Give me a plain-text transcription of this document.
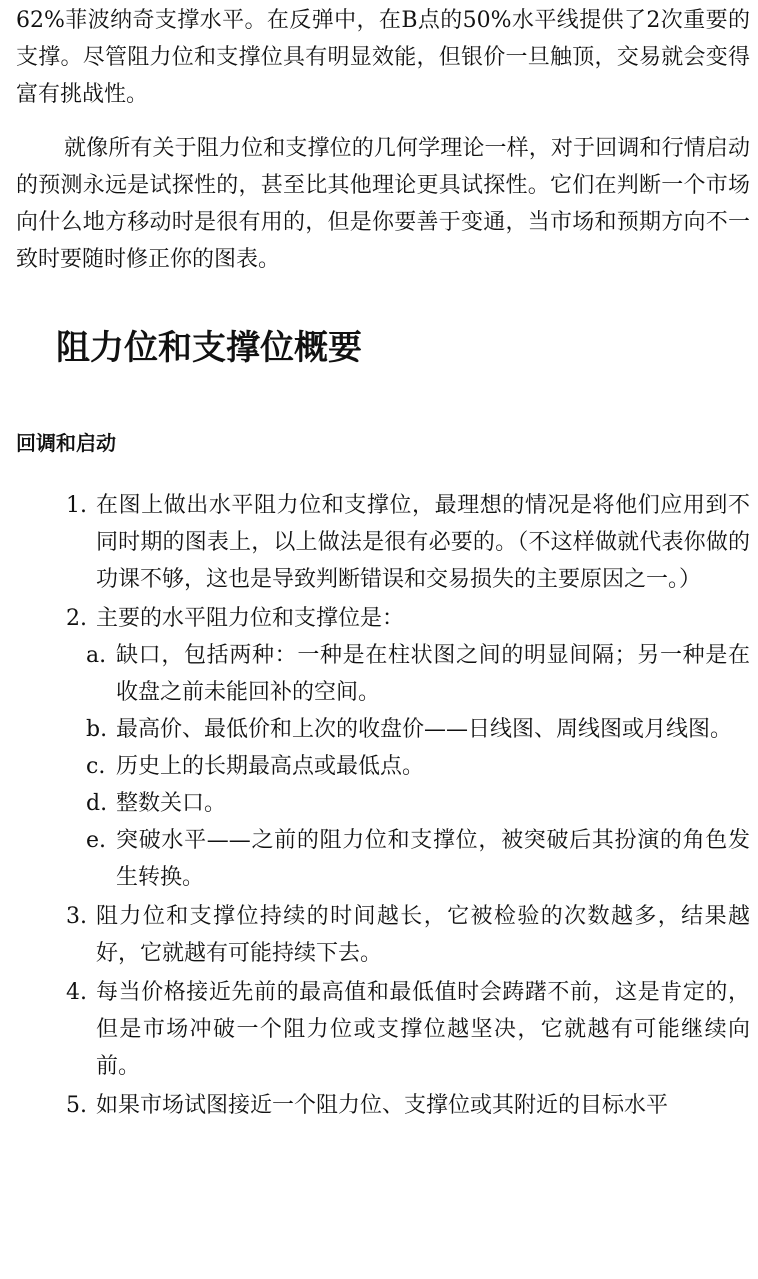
62%菲波纳奇支撑水平。在反弹中，在B点的50%水平线提供了2次重要的支撑。尽管阻力位和支撑位具有明显效能，但银价一旦触顶，交易就会变得富有挑战性。

就像所有关于阻力位和支撑位的几何学理论一样，对于回调和行情启动的预测永远是试探性的，甚至比其他理论更具试探性。它们在判断一个市场向什么地方移动时是很有用的，但是你要善于变通，当市场和预期方向不一致时要随时修正你的图表。

阻力位和支撑位概要
回调和启动
1. 在图上做出水平阻力位和支撑位，最理想的情况是将他们应用到不同时期的图表上，以上做法是很有必要的。（不这样做就代表你做的功课不够，这也是导致判断错误和交易损失的主要原因之一。）
2. 主要的水平阻力位和支撑位是：
a. 缺口，包括两种：一种是在柱状图之间的明显间隔；另一种是在收盘之前未能回补的空间。
b. 最高价、最低价和上次的收盘价——日线图、周线图或月线图。
c. 历史上的长期最高点或最低点。
d. 整数关口。
e. 突破水平——之前的阻力位和支撑位，被突破后其扮演的角色发生转换。
3. 阻力位和支撑位持续的时间越长，它被检验的次数越多，结果越好，它就越有可能持续下去。
4. 每当价格接近先前的最高值和最低值时会踌躇不前，这是肯定的，但是市场冲破一个阻力位或支撑位越坚决，它就越有可能继续向前。
5. 如果市场试图接近一个阻力位、支撑位或其附近的目标水平
